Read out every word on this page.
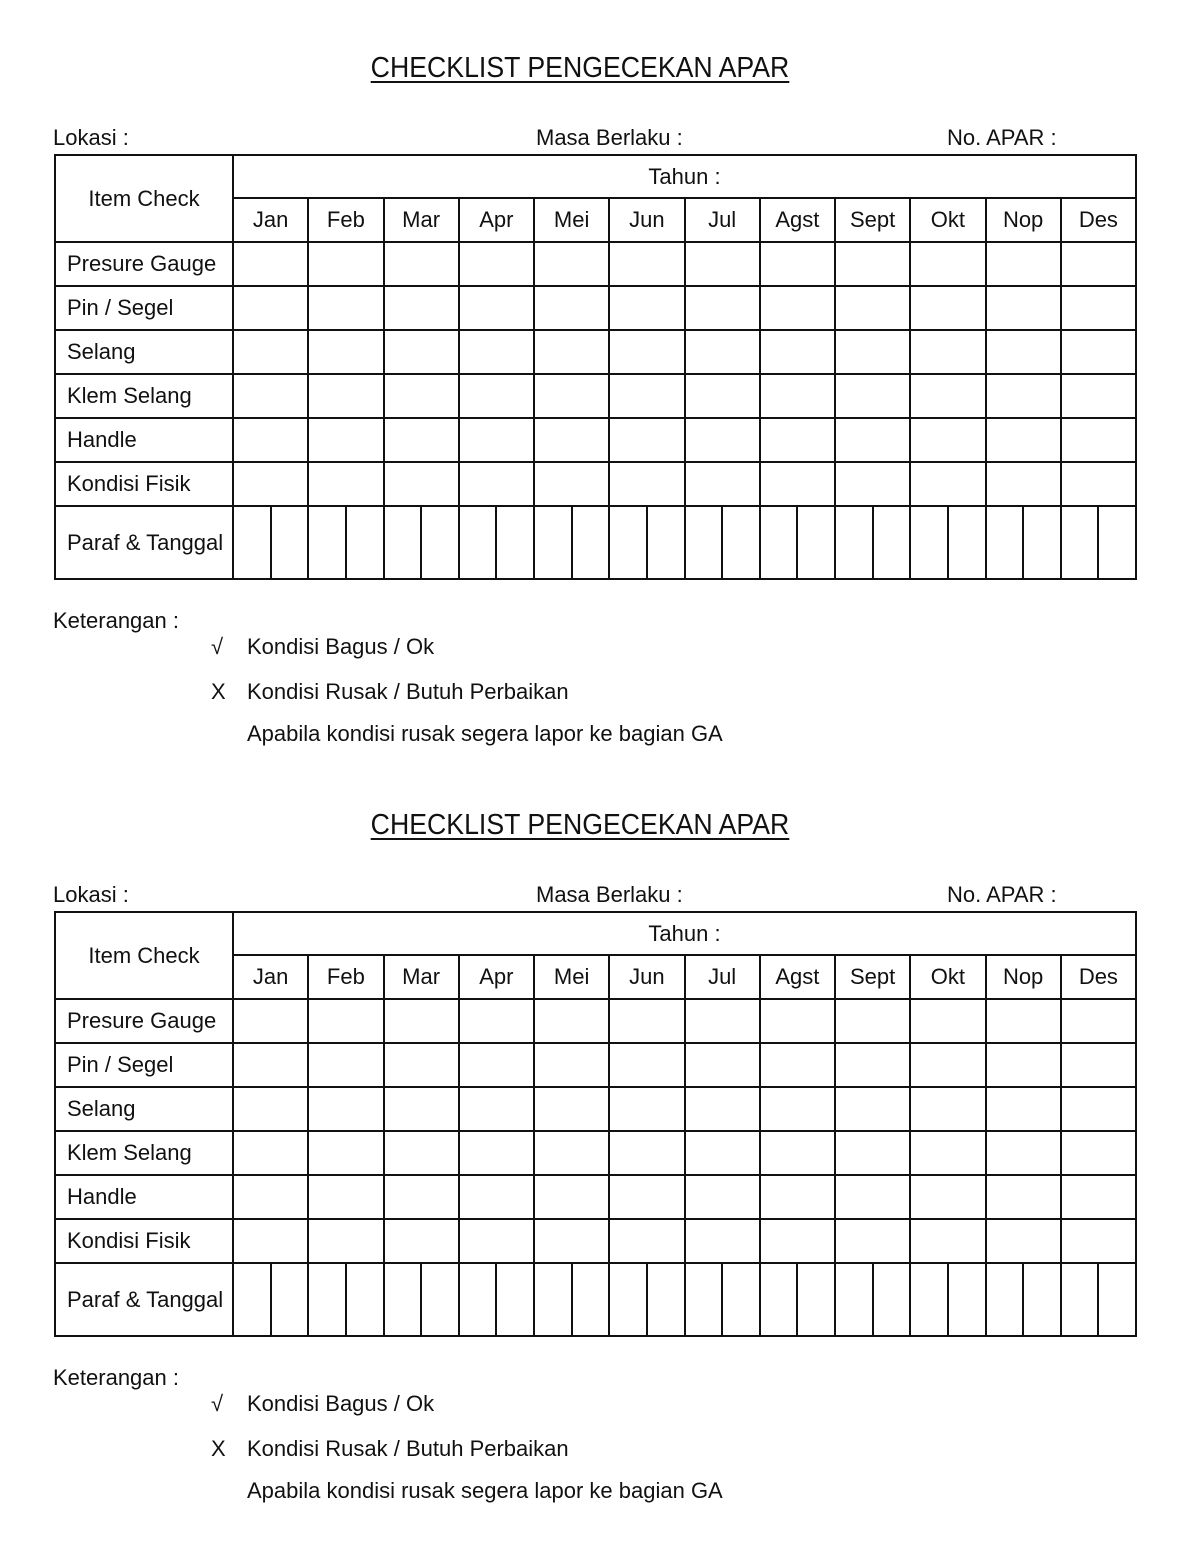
CHECKLIST PENGECEKAN APAR
Lokasi :	Masa Berlaku :	No. APAR :
Item Check	Tahun :											
	Jan	Feb	Mar	Apr	Mei	Jun	Jul	Agst	Sept	Okt	Nop	Des
Presure Gauge												
Pin / Segel												
Selang												
Klem Selang												
Handle												
Kondisi Fisik												
Paraf & Tanggal	

Keterangan :
√	Kondisi Bagus / Ok
X Kondisi Rusak / Butuh Perbaikan
Apabila kondisi rusak segera lapor ke bagian GA
CHECKLIST PENGECEKAN APAR
Lokasi :	Masa Berlaku :	No. APAR :
Item Check	Tahun :											
	Jan	Feb	Mar	Apr	Mei	Jun	Jul	Agst	Sept	Okt	Nop	Des
Presure Gauge												
Pin / Segel												
Selang												
Klem Selang												
Handle												
Kondisi Fisik												
Paraf & Tanggal	

Keterangan :
√	Kondisi Bagus / Ok
X Kondisi Rusak / Butuh Perbaikan
Apabila kondisi rusak segera lapor ke bagian GA
